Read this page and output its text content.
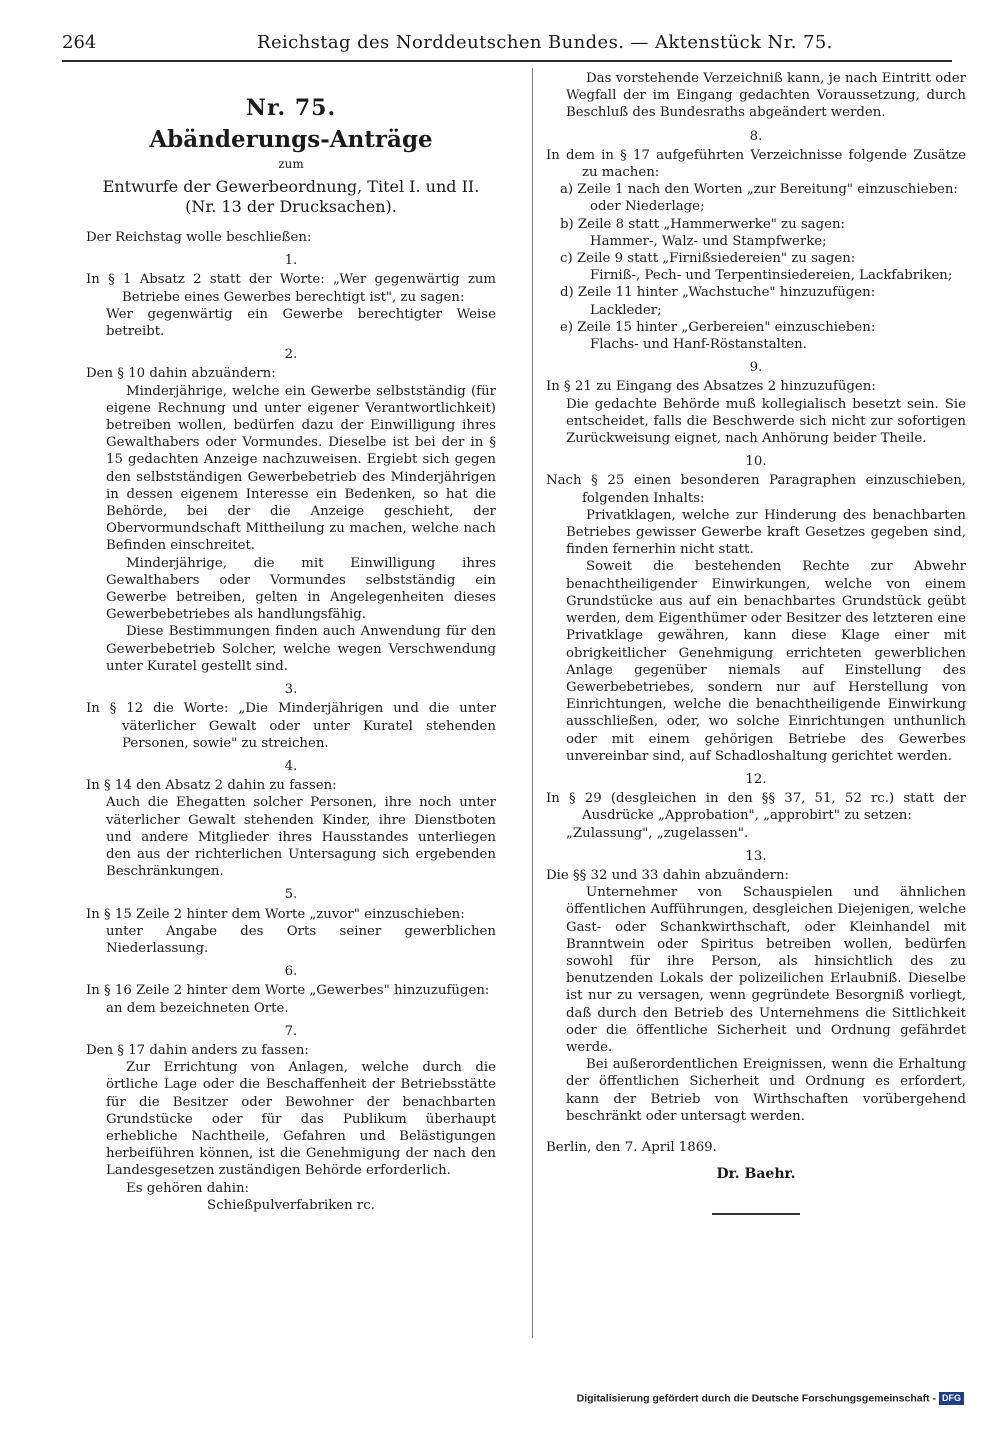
264	Reichstag des Norddeutschen Bundes. — Aktenstück Nr. 75.
Nr. 75.
Abänderungs-Anträge
zum
Entwurfe der Gewerbeordnung, Titel I. und II.
(Nr. 13 der Drucksachen).
Der Reichstag wolle beschließen:
1.
In § 1 Absatz 2 statt der Worte: „Wer gegenwärtig zum Betriebe eines Gewerbes berechtigt ist", zu sagen:
Wer gegenwärtig ein Gewerbe berechtigter Weise betreibt.
2.
Den § 10 dahin abzuändern:
Minderjährige, welche ein Gewerbe selbstständig (für eigene Rechnung und unter eigener Verantwortlichkeit) betreiben wollen, bedürfen dazu der Einwilligung ihres Gewalthabers oder Vormundes. Dieselbe ist bei der in § 15 gedachten Anzeige nachzuweisen. Ergiebt sich gegen den selbstständigen Gewerbebetrieb des Minderjährigen in dessen eigenem Interesse ein Bedenken, so hat die Behörde, bei der die Anzeige geschieht, der Obervormundschaft Mittheilung zu machen, welche nach Befinden einschreitet.
Minderjährige, die mit Einwilligung ihres Gewalthabers oder Vormundes selbstständig ein Gewerbe betreiben, gelten in Angelegenheiten dieses Gewerbebetriebes als handlungsfähig.
Diese Bestimmungen finden auch Anwendung für den Gewerbebetrieb Solcher, welche wegen Verschwendung unter Kuratel gestellt sind.
3.
In § 12 die Worte: „Die Minderjährigen und die unter väterlicher Gewalt oder unter Kuratel stehenden Personen, sowie" zu streichen.
4.
In § 14 den Absatz 2 dahin zu fassen:
Auch die Ehegatten solcher Personen, ihre noch unter väterlicher Gewalt stehenden Kinder, ihre Dienstboten und andere Mitglieder ihres Hausstandes unterliegen den aus der richterlichen Untersagung sich ergebenden Beschränkungen.
5.
In § 15 Zeile 2 hinter dem Worte „zuvor" einzuschieben:
unter Angabe des Orts seiner gewerblichen Niederlassung.
6.
In § 16 Zeile 2 hinter dem Worte „Gewerbes" hinzuzufügen:
an dem bezeichneten Orte.
7.
Den § 17 dahin anders zu fassen:
Zur Errichtung von Anlagen, welche durch die örtliche Lage oder die Beschaffenheit der Betriebsstätte für die Besitzer oder Bewohner der benachbarten Grundstücke oder für das Publikum überhaupt erhebliche Nachtheile, Gefahren und Belästigungen herbeiführen können, ist die Genehmigung der nach den Landesgesetzen zuständigen Behörde erforderlich.
Es gehören dahin:
Schießpulverfabriken rc.
Das vorstehende Verzeichniß kann, je nach Eintritt oder Wegfall der im Eingang gedachten Voraussetzung, durch Beschluß des Bundesraths abgeändert werden.
8.
In dem in § 17 aufgeführten Verzeichnisse folgende Zusätze zu machen:
a) Zeile 1 nach den Worten „zur Bereitung" einzuschieben:
oder Niederlage;
b) Zeile 8 statt „Hammerwerke" zu sagen:
Hammer-, Walz- und Stampfwerke;
c) Zeile 9 statt „Firnißsiedereien" zu sagen:
Firniß-, Pech- und Terpentinsiedereien, Lackfabriken;
d) Zeile 11 hinter „Wachstuche" hinzuzufügen:
Lackleder;
e) Zeile 15 hinter „Gerbereien" einzuschieben:
Flachs- und Hanf-Röstanstalten.
9.
In § 21 zu Eingang des Absatzes 2 hinzuzufügen:
Die gedachte Behörde muß kollegialisch besetzt sein. Sie entscheidet, falls die Beschwerde sich nicht zur sofortigen Zurückweisung eignet, nach Anhörung beider Theile.
10.
Nach § 25 einen besonderen Paragraphen einzuschieben, folgenden Inhalts:
Privatklagen, welche zur Hinderung des benachbarten Betriebes gewisser Gewerbe kraft Gesetzes gegeben sind, finden fernerhin nicht statt.
Soweit die bestehenden Rechte zur Abwehr benachtheiligender Einwirkungen, welche von einem Grundstücke aus auf ein benachbartes Grundstück geübt werden, dem Eigenthümer oder Besitzer des letzteren eine Privatklage gewähren, kann diese Klage einer mit obrigkeitlicher Genehmigung errichteten gewerblichen Anlage gegenüber niemals auf Einstellung des Gewerbebetriebes, sondern nur auf Herstellung von Einrichtungen, welche die benachtheiligende Einwirkung ausschließen, oder, wo solche Einrichtungen unthunlich oder mit einem gehörigen Betriebe des Gewerbes unvereinbar sind, auf Schadloshaltung gerichtet werden.
12.
In § 29 (desgleichen in den §§ 37, 51, 52 rc.) statt der Ausdrücke „Approbation", „approbirt" zu setzen:
„Zulassung", „zugelassen".
13.
Die §§ 32 und 33 dahin abzuändern:
Unternehmer von Schauspielen und ähnlichen öffentlichen Aufführungen, desgleichen Diejenigen, welche Gast- oder Schankwirthschaft, oder Kleinhandel mit Branntwein oder Spiritus betreiben wollen, bedürfen sowohl für ihre Person, als hinsichtlich des zu benutzenden Lokals der polizeilichen Erlaubniß. Dieselbe ist nur zu versagen, wenn gegründete Besorgniß vorliegt, daß durch den Betrieb des Unternehmens die Sittlichkeit oder die öffentliche Sicherheit und Ordnung gefährdet werde.
Bei außerordentlichen Ereignissen, wenn die Erhaltung der öffentlichen Sicherheit und Ordnung es erfordert, kann der Betrieb von Wirthschaften vorübergehend beschränkt oder untersagt werden.
Berlin, den 7. April 1869.
Dr. Baehr.
Digitalisierung gefördert durch die Deutsche Forschungsgemeinschaft - DFG
